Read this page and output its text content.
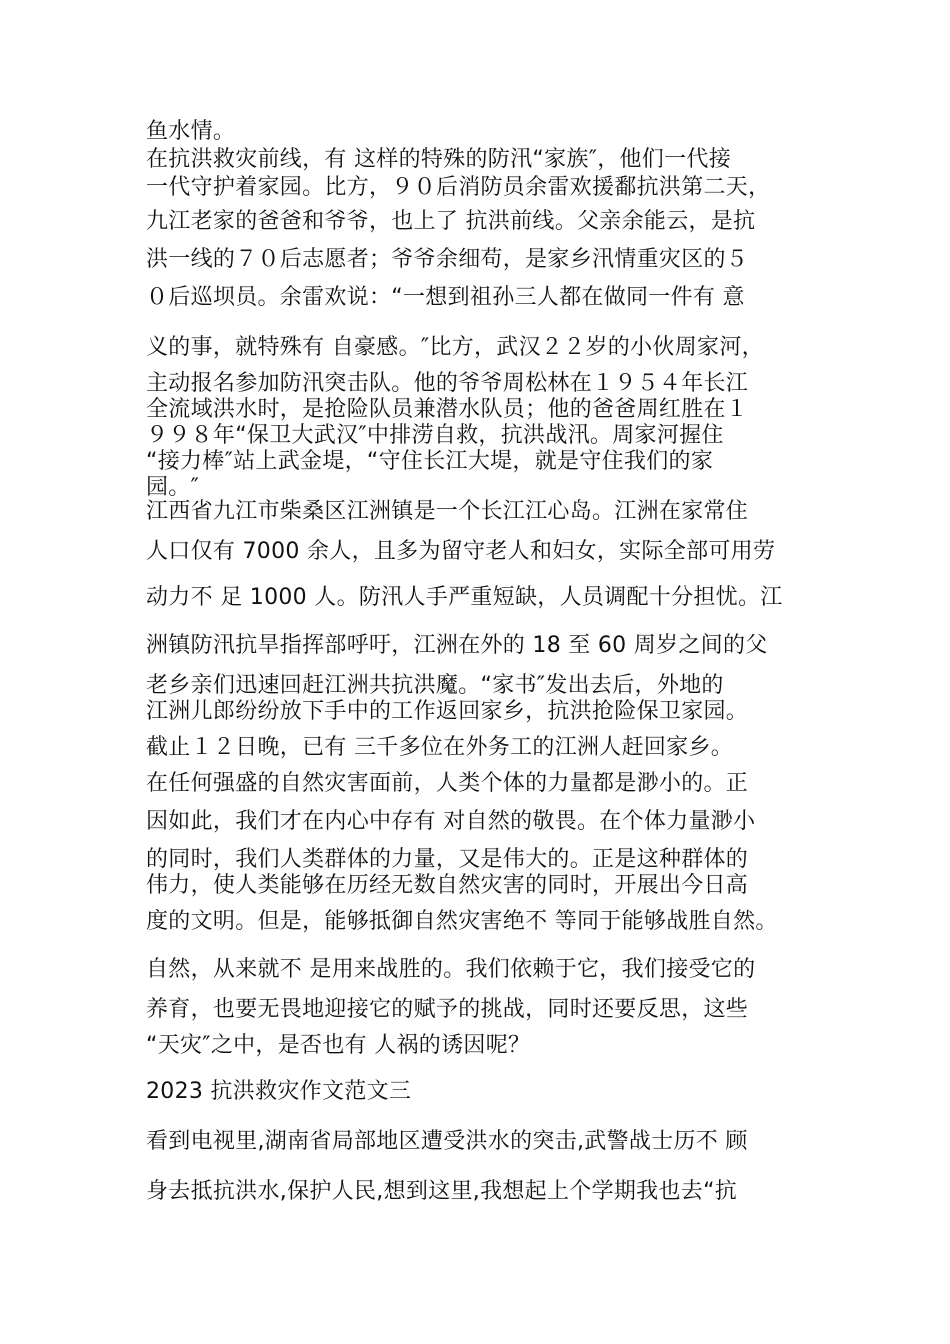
鱼水情。
在抗洪救灾前线，有 这样的特殊的防汛“家族″，他们一代接
一代守护着家园。比方，９０后消防员余雷欢援鄱抗洪第二天，
九江老家的爸爸和爷爷，也上了 抗洪前线。父亲余能云，是抗
洪一线的７０后志愿者；爷爷余细苟，是家乡汛情重灾区的５
０后巡坝员。余雷欢说：“一想到祖孙三人都在做同一件有 意
义的事，就特殊有 自豪感。″比方，武汉２２岁的小伙周家河，
主动报名参加防汛突击队。他的爷爷周松林在１９５４年长江
全流域洪水时，是抢险队员兼潜水队员；他的爸爸周红胜在１
９９８年“保卫大武汉″中排涝自救，抗洪战汛。周家河握住
“接力棒″站上武金堤，“守住长江大堤，就是守住我们的家
园。″
江西省九江市柴桑区江洲镇是一个长江江心岛。江洲在家常住
人口仅有 7000 余人，且多为留守老人和妇女，实际全部可用劳
动力不 足 1000 人。防汛人手严重短缺，人员调配十分担忧。江
洲镇防汛抗旱指挥部呼吁，江洲在外的 18 至 60 周岁之间的父
老乡亲们迅速回赶江洲共抗洪魔。“家书″发出去后，外地的
江洲儿郎纷纷放下手中的工作返回家乡，抗洪抢险保卫家园。
截止１２日晚，已有 三千多位在外务工的江洲人赶回家乡。
在任何强盛的自然灾害面前，人类个体的力量都是渺小的。正
因如此，我们才在内心中存有 对自然的敬畏。在个体力量渺小
的同时，我们人类群体的力量，又是伟大的。正是这种群体的
伟力，使人类能够在历经无数自然灾害的同时，开展出今日高
度的文明。但是，能够抵御自然灾害绝不 等同于能够战胜自然。
自然，从来就不 是用来战胜的。我们依赖于它，我们接受它的
养育，也要无畏地迎接它的赋予的挑战，同时还要反思，这些
“天灾″之中，是否也有 人祸的诱因呢？
2023 抗洪救灾作文范文三
看到电视里,湖南省局部地区遭受洪水的突击,武警战士历不 顾
身去抵抗洪水,保护人民,想到这里,我想起上个学期我也去“抗
